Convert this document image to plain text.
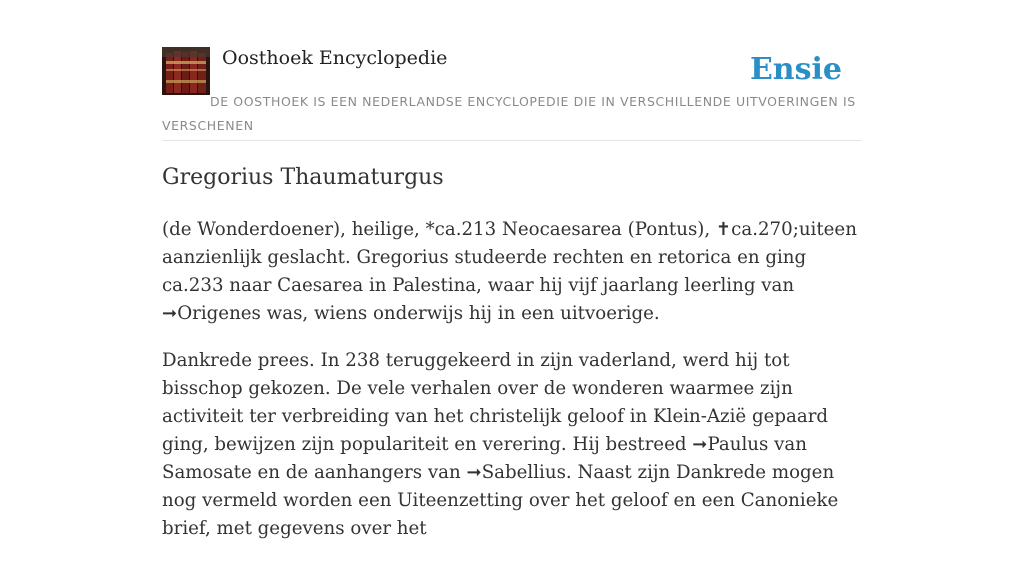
Oosthoek Encyclopedie	Ensie
DE OOSTHOEK IS EEN NEDERLANDSE ENCYCLOPEDIE DIE IN VERSCHILLENDE UITVOERINGEN IS VERSCHENEN
Gregorius Thaumaturgus

(de Wonderdoener), heilige, *ca.213 Neocaesarea (Pontus), ✝ca.270;uiteen aanzienlijk geslacht. Gregorius studeerde rechten en retorica en ging ca.233 naar Caesarea in Palestina, waar hij vijf jaarlang leerling van ➞Origenes was, wiens onderwijs hij in een uitvoerige.

Dankrede prees. In 238 teruggekeerd in zijn vaderland, werd hij tot bisschop gekozen. De vele verhalen over de wonderen waarmee zijn activiteit ter verbreiding van het christelijk geloof in Klein-Azië gepaard ging, bewijzen zijn populariteit en verering. Hij bestreed ➞Paulus van Samosate en de aanhangers van ➞Sabellius. Naast zijn Dankrede mogen nog vermeld worden een Uiteenzetting over het geloof en een Canonieke brief, met gegevens over het
